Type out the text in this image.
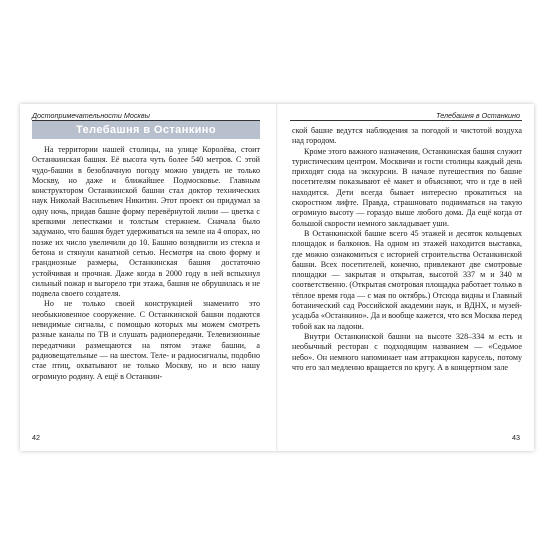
Достопримечательности Москвы
Телебашня в Останкино

На территории нашей столицы, на улице Королёва, стоит Останкинская башня. Её высота чуть более 540 метров. С этой чудо-башни в безоблачную погоду можно увидеть не только Москву, но даже и ближайшее Подмосковье. Главным конструктором Останкинской башни стал доктор технических наук Николай Васильевич Никитин. Этот проект он придумал за одну ночь, придав башне форму перевёрнутой лилии — цветка с крепкими лепестками и толстым стержнем. Сначала было задумано, что башня будет удерживаться на земле на 4 опорах, но позже их число увеличили до 10. Башню возвдвигли из стекла и бетона и стянули канатной сетью. Несмотря на свою форму и грандиозные размеры, Останкинская башня достаточно устойчивая и прочная. Даже когда в 2000 году в ней вспыхнул сильный пожар и выгорело три этажа, башня не обрушилась и не подвела своего создателя.

Но не только своей конструкцией знаменито это необыкновенное сооружение. С Останкинской башни подаются невидимые сигналы, с помощью которых мы можем смотреть разные каналы по ТВ и слушать радиопередачи. Телевизионные передатчики размещаются на пятом этаже башни, а радиовещательные — на шестом. Теле- и радиосигналы, подобно стае птиц, охватывают не только Москву, но и всю нашу огромную родину. А ещё в Останкин-

42
Телебашня в Останкино

ской башне ведутся наблюдения за погодой и чистотой воздуха над городом.

Кроме этого важного назначения, Останкинская башня служит туристическим центром. Москвичи и гости столицы каждый день приходят сюда на экскурсии. В начале путешествия по башне посетителям показывают её макет и объясняют, что и где в ней находится. Дети всегда бывает интересно прокатиться на скоростном лифте. Правда, страшновато подниматься на такую огромную высоту — гораздо выше любого дома. Да ещё когда от большой скорости немного закладывает уши.

В Останкинской башне всего 45 этажей и десяток кольцевых площадок и балконов. На одном из этажей находится выставка, где можно ознакомиться с историей строительства Останкинской башни. Всех посетителей, конечно, привлекают две смотровые площадки — закрытая и открытая, высотой 337 м и 340 м соответственно. (Открытая смотровая площадка работает только в тёплое время года — с мая по октябрь.) Отсюда видны и Главный ботанический сад Российской академии наук, и ВДНХ, и музей-усадьба «Останкино». Да и вообще кажется, что вся Москва перед тобой как на ладони.

Внутри Останкинской башни на высоте 328–334 м есть и необычный ресторан с подходящим названием — «Седьмое небо». Он немного напоминает нам аттракцион карусель, потому что его зал медленно вращается по кругу. А в концертном зале

43
